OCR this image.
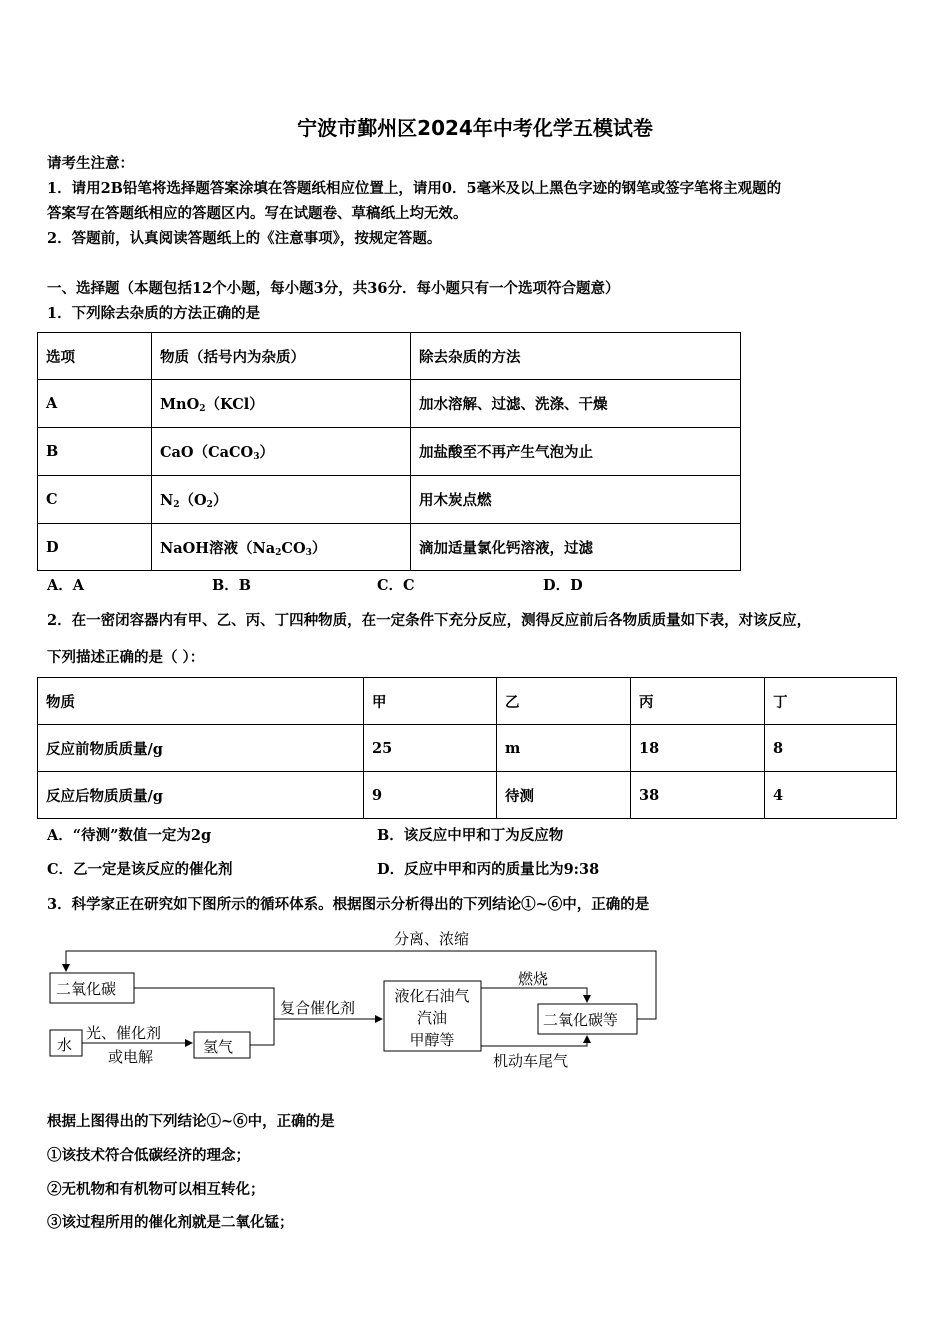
宁波市鄞州区2024年中考化学五模试卷
请考生注意：
1．请用2B铅笔将选择题答案涂填在答题纸相应位置上，请用0．5毫米及以上黑色字迹的钢笔或签字笔将主观题的
答案写在答题纸相应的答题区内。写在试题卷、草稿纸上均无效。
2．答题前，认真阅读答题纸上的《注意事项》，按规定答题。
一、选择题（本题包括12个小题，每小题3分，共36分．每小题只有一个选项符合题意）
1．下列除去杂质的方法正确的是
选项	物质（括号内为杂质）	除去杂质的方法
A	MnO$_2$（KCl）	加水溶解、过滤、洗涤、干燥
B	CaO（CaCO$_3$）	加盐酸至不再产生气泡为止
C	$N_2(O_2)$	用木炭点燃
D	NaOH溶液$(Na_2CO_3)$	滴加适量氯化钙溶液，过滤
A．A	B．B	C．C	D．D
2．在一密闭容器内有甲、乙、丙、丁四种物质，在一定条件下充分反应，测得反应前后各物质质量如下表，对该反应，
下列描述正确的是（ ）：
物质	甲	乙	丙	丁
反应前物质质量/g	25	m	18	8
反应后物质质量/g	9	待测	38	4
A．“待测”数值一定为2g	B．该反应中甲和丁为反应物
C．乙一定是该反应的催化剂	D．反应中甲和丙的质量比为9:38
3．科学家正在研究如下图所示的循环体系。根据图示分析得出的下列结论①~⑥中，正确的是
二氧化碳
水	氢气
光、催化剂
或电解
复合催化剂
液化石油气
汽油
甲醇等
燃烧
二氧化碳等
机动车尾气
分离、浓缩
根据上图得出的下列结论①~⑥中，正确的是
①该技术符合低碳经济的理念；
②无机物和有机物可以相互转化；
③该过程所用的催化剂就是二氧化锰；
